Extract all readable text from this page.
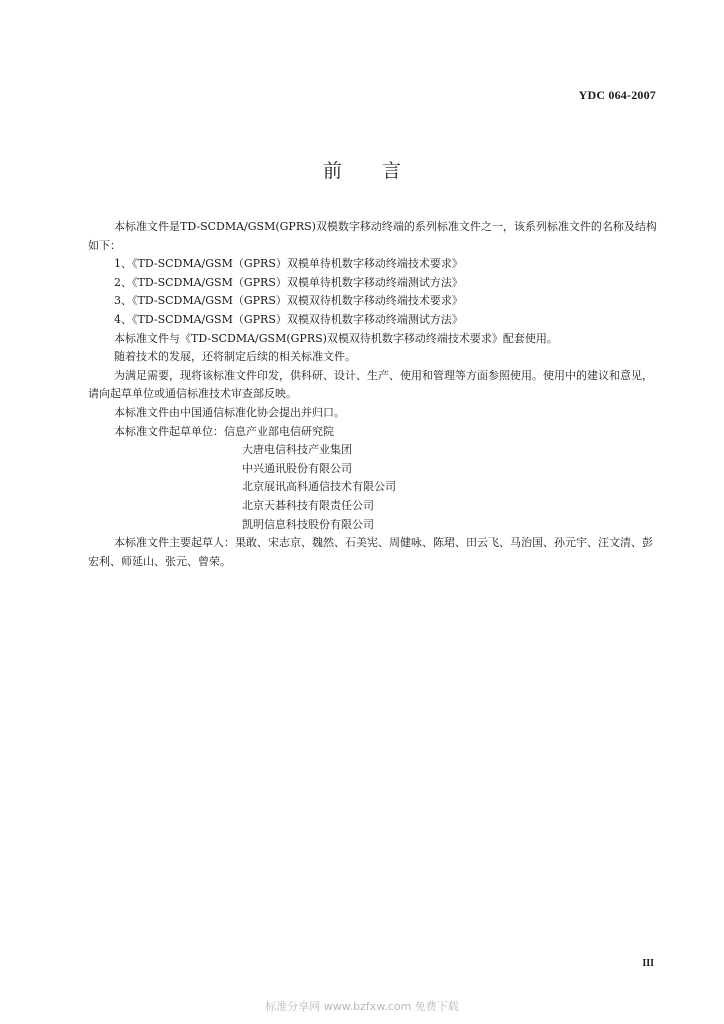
YDC 064-2007
前 言

本标准文件是TD-SCDMA/GSM(GPRS)双模数字移动终端的系列标准文件之一，该系列标准文件的名称及结构如下：

1、《TD-SCDMA/GSM（GPRS）双模单待机数字移动终端技术要求》

2、《TD-SCDMA/GSM（GPRS）双模单待机数字移动终端测试方法》

3、《TD-SCDMA/GSM（GPRS）双模双待机数字移动终端技术要求》

4、《TD-SCDMA/GSM（GPRS）双模双待机数字移动终端测试方法》

本标准文件与《TD-SCDMA/GSM(GPRS)双模双待机数字移动终端技术要求》配套使用。

随着技术的发展，还将制定后续的相关标准文件。

为满足需要，现将该标准文件印发，供科研、设计、生产、使用和管理等方面参照使用。使用中的建议和意见，请向起草单位或通信标准技术审查部反映。

本标准文件由中国通信标准化协会提出并归口。

本标准文件起草单位：信息产业部电信研究院

大唐电信科技产业集团

中兴通讯股份有限公司

北京展讯高科通信技术有限公司

北京天碁科技有限责任公司

凯明信息科技股份有限公司

本标准文件主要起草人：果敢、宋志京、魏然、石美宪、周健咏、陈珺、田云飞、马治国、孙元宇、汪文清、彭宏利、师延山、张元、曾荣。

III
标准分享网 www.bzfxw.com 免费下载
